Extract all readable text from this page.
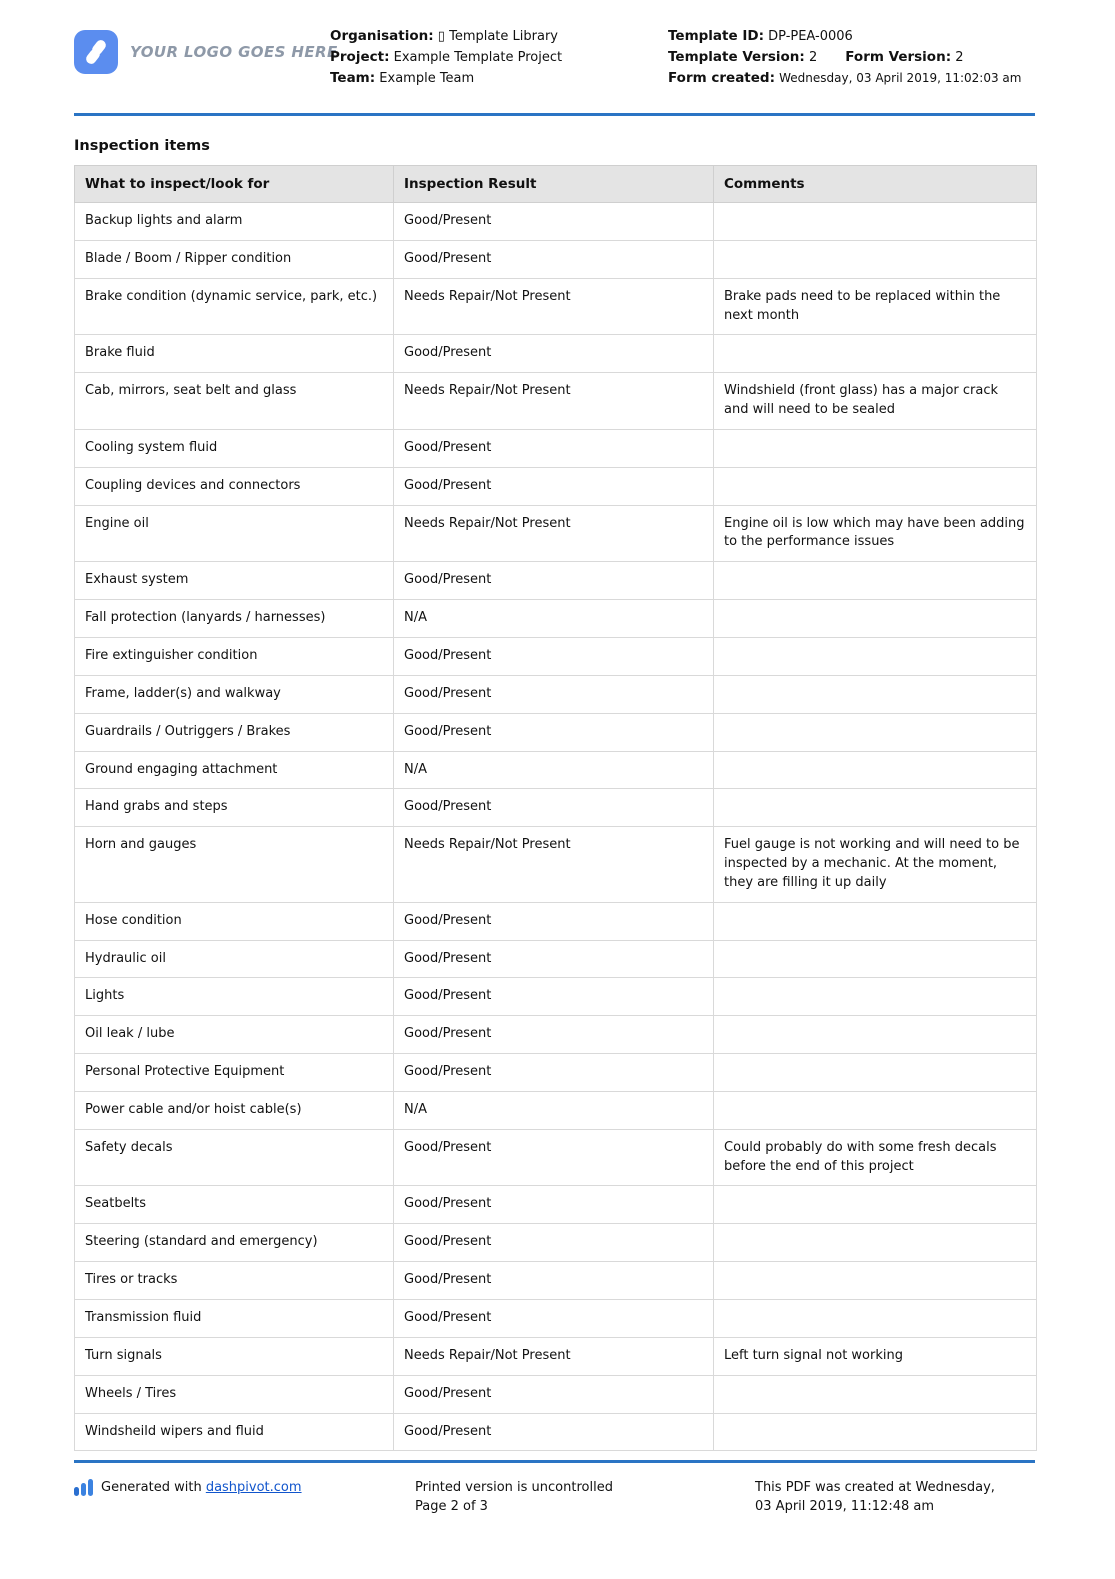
YOUR LOGO GOES HERE
Organisation: ▯ Template Library
Project: Example Template Project
Team: Example Team
Template ID: DP-PEA-0006
Template Version: 2 Form Version: 2
Form created: Wednesday, 03 April 2019, 11:02:03 am
Inspection items
What to inspect/look for	Inspection Result	Comments
Backup lights and alarm	Good/Present	
Blade / Boom / Ripper condition	Good/Present	
Brake condition (dynamic service, park, etc.)	Needs Repair/Not Present	Brake pads need to be replaced within the next month
Brake fluid	Good/Present	
Cab, mirrors, seat belt and glass	Needs Repair/Not Present	Windshield (front glass) has a major crack and will need to be sealed
Cooling system fluid	Good/Present	
Coupling devices and connectors	Good/Present	
Engine oil	Needs Repair/Not Present	Engine oil is low which may have been adding to the performance issues
Exhaust system	Good/Present	
Fall protection (lanyards / harnesses)	N/A	
Fire extinguisher condition	Good/Present	
Frame, ladder(s) and walkway	Good/Present	
Guardrails / Outriggers / Brakes	Good/Present	
Ground engaging attachment	N/A	
Hand grabs and steps	Good/Present	
Horn and gauges	Needs Repair/Not Present	Fuel gauge is not working and will need to be inspected by a mechanic. At the moment, they are filling it up daily
Hose condition	Good/Present	
Hydraulic oil	Good/Present	
Lights	Good/Present	
Oil leak / lube	Good/Present	
Personal Protective Equipment	Good/Present	
Power cable and/or hoist cable(s)	N/A	
Safety decals	Good/Present	Could probably do with some fresh decals before the end of this project
Seatbelts	Good/Present	
Steering (standard and emergency)	Good/Present	
Tires or tracks	Good/Present	
Transmission fluid	Good/Present	
Turn signals	Needs Repair/Not Present	Left turn signal not working
Wheels / Tires	Good/Present	
Windsheild wipers and fluid	Good/Present	
Generated with dashpivot.com	Printed version is uncontrolled
Page 2 of 3
This PDF was created at Wednesday, 03 April 2019, 11:12:48 am
